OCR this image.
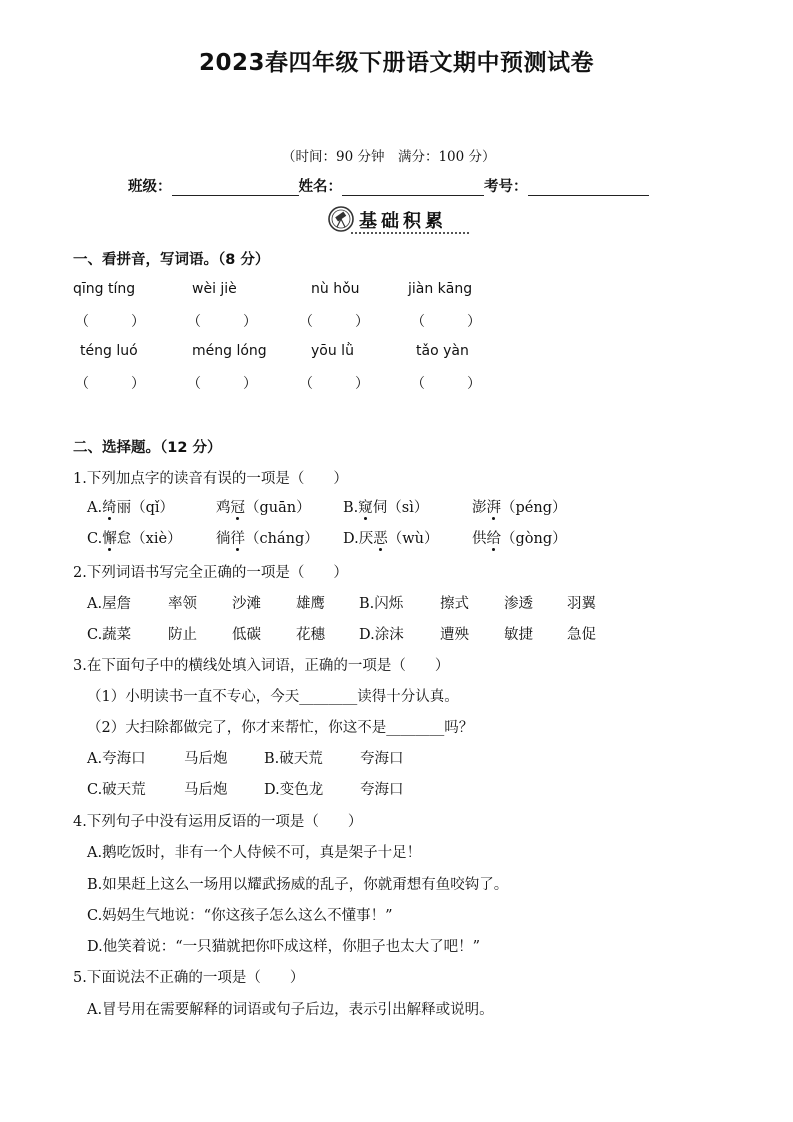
2023春四年级下册语文期中预测试卷
（时间：90 分钟　满分：100 分）
班级：	姓名：	考号：
基础积累
一、看拼音，写词语。（8 分）
qīng tíng	wèi jiè	nù hǒu	jiàn kāng
（　　　）	（　　　）	（　　　）	（　　　）
téng luó	méng lóng	yōu lǜ	tǎo yàn
（　　　）	（　　　）	（　　　）	（　　　）
二、选择题。（12 分）
1.下列加点字的读音有误的一项是（　　）
A.绮丽（qǐ）	鸡冠（guān） B.窥伺（sì）	澎湃（péng）
C.懈怠（xiè） 徜徉（cháng） D.厌恶（wù） 供给（gòng）
2.下列词语书写完全正确的一项是（　　）
A.屋詹	率领 沙滩 雄鹰 B.闪烁	擦式 渗透 羽翼
C.蔬菜	防止 低碳 花穗 D.涂沫	遭殃 敏捷 急促
3.在下面句子中的横线处填入词语，正确的一项是（　　）
（1）小明读书一直不专心，今天________读得十分认真。
（2）大扫除都做完了，你才来帮忙，你这不是________吗？
A.夸海口	马后炮	B.破天荒	夸海口
C.破天荒	马后炮	D.变色龙	夸海口
4.下列句子中没有运用反语的一项是（　　）
A.鹅吃饭时，非有一个人侍候不可，真是架子十足！
B.如果赶上这么一场用以耀武扬威的乱子，你就甭想有鱼咬钩了。
C.妈妈生气地说：“你这孩子怎么这么不懂事！”
D.他笑着说：“一只猫就把你吓成这样，你胆子也太大了吧！”
5.下面说法不正确的一项是（　　）
A.冒号用在需要解释的词语或句子后边，表示引出解释或说明。
